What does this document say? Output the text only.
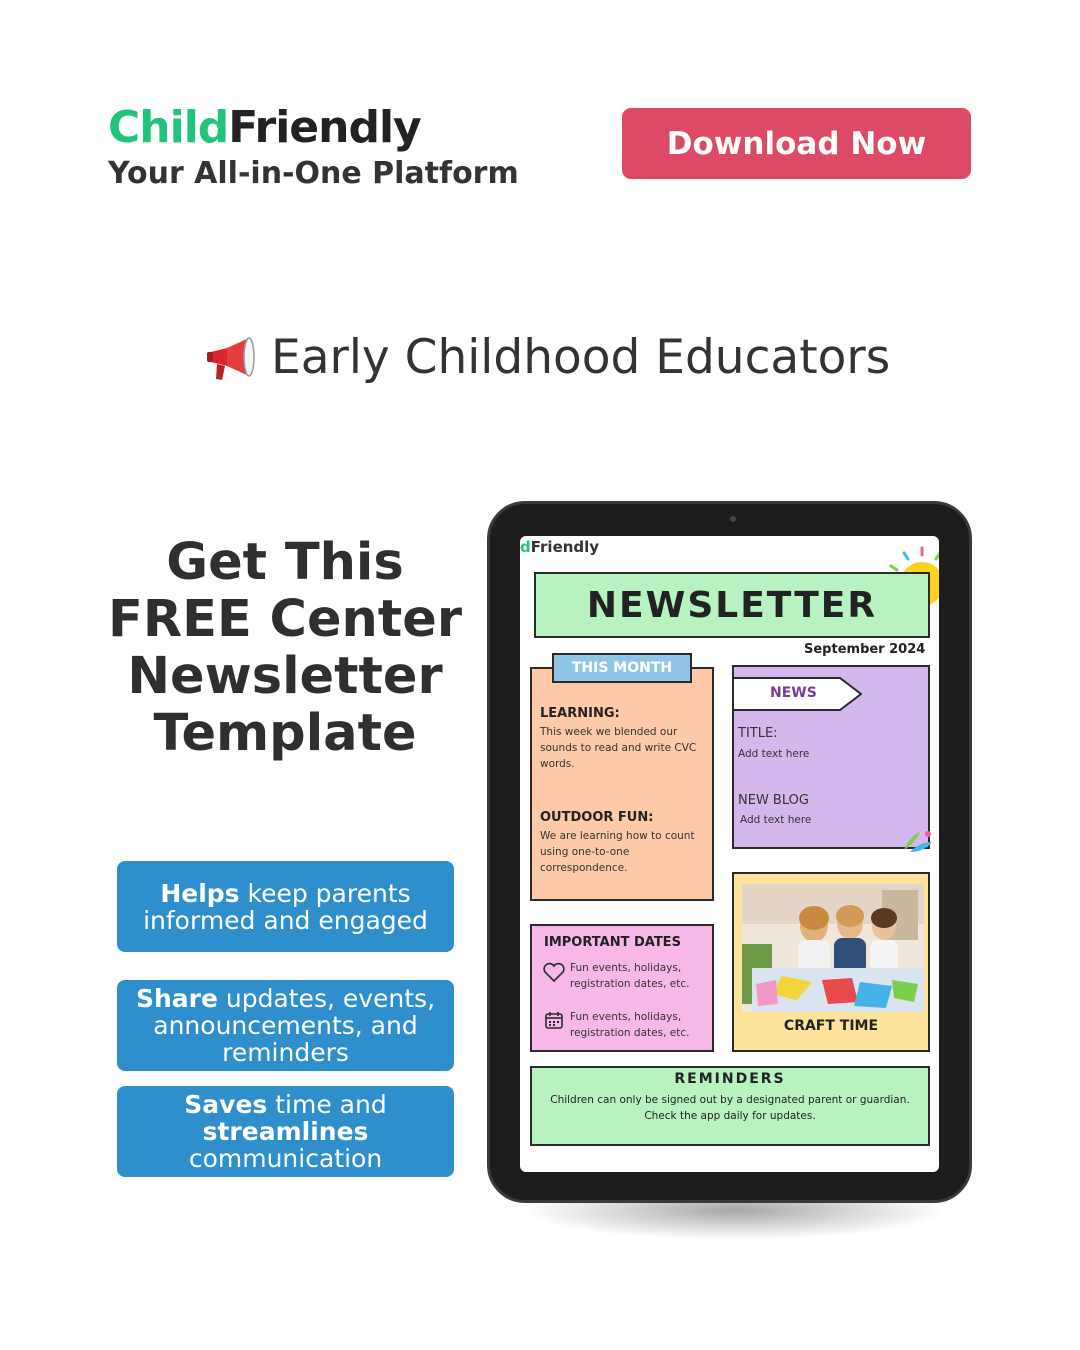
ChildFriendly
Your All-in-One Platform
Download Now
Early Childhood Educators
Get This
FREE Center
Newsletter
Template
Helps keep parents informed and engaged
Share updates, events, announcements, and reminders
Saves time and streamlines communication
dFriendly
NEWSLETTER
September 2024
THIS MONTH
LEARNING:
This week we blended our sounds to read and write CVC words.
OUTDOOR FUN:
We are learning how to count using one-to-one correspondence.
NEWS
TITLE:
Add text here
NEW BLOG
Add text here
IMPORTANT DATES
Fun events, holidays, registration dates, etc.
Fun events, holidays, registration dates, etc.	CRAFT TIME
REMINDERS
Children can only be signed out by a designated parent or guardian.
Check the app daily for updates.
